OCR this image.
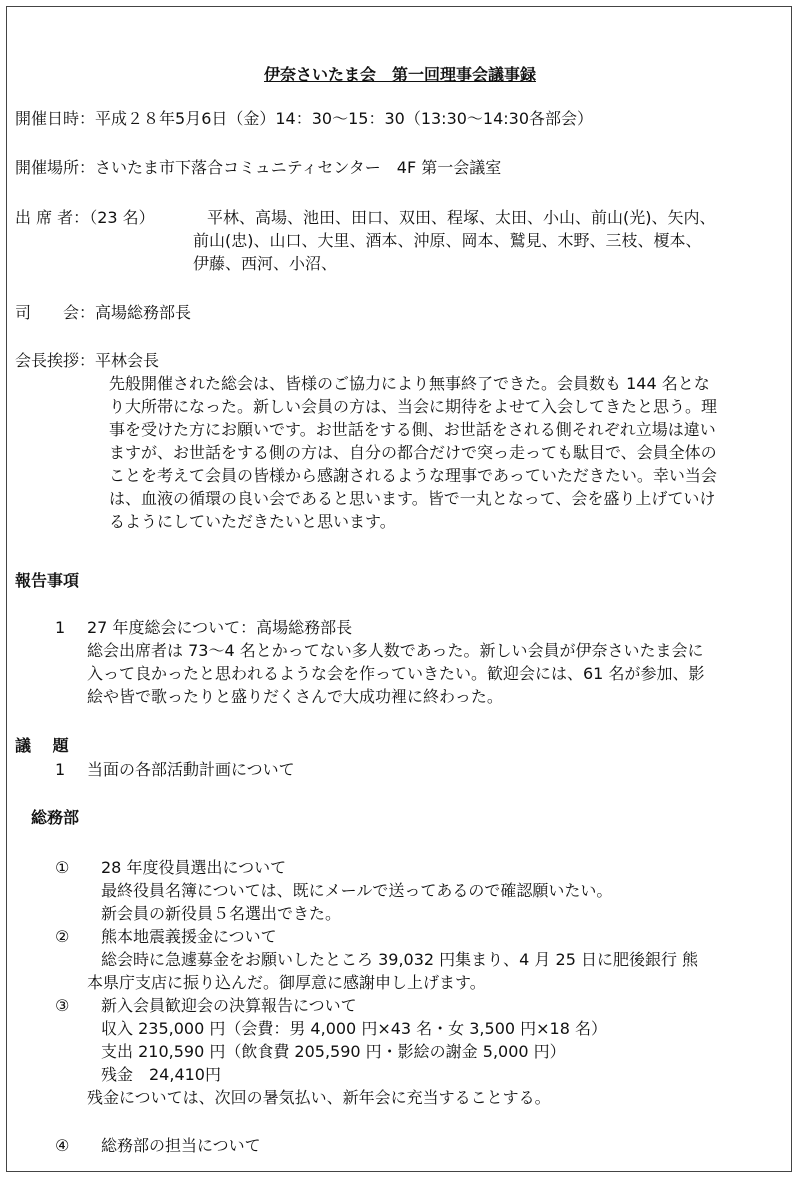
伊奈さいたま会　第一回理事会議事録
開催日時：平成２８年5月6日（金）14：30～15：30（13:30～14:30各部会）
開催場所：さいたま市下落合コミュニティセンター　4F 第一会議室
出 席 者：（23 名）	平林、高場、池田、田口、双田、程塚、太田、小山、前山(光)、矢内、
前山(忠)、山口、大里、酒本、沖原、岡本、鷲見、木野、三枝、榎本、
伊藤、西河、小沼、
司　　会：高場総務部長
会長挨拶：平林会長
先般開催された総会は、皆様のご協力により無事終了できた。会員数も 144 名とな
り大所帯になった。新しい会員の方は、当会に期待をよせて入会してきたと思う。理
事を受けた方にお願いです。お世話をする側、お世話をされる側それぞれ立場は違い
ますが、お世話をする側の方は、自分の都合だけで突っ走っても駄目で、会員全体の
ことを考えて会員の皆様から感謝されるような理事であっていただきたい。幸い当会
は、血液の循環の良い会であると思います。皆で一丸となって、会を盛り上げていけ
るようにしていただきたいと思います。
報告事項
1 27 年度総会について：高場総務部長
総会出席者は 73～4 名とかってない多人数であった。新しい会員が伊奈さいたま会に
入って良かったと思われるような会を作っていきたい。歓迎会には、61 名が参加、影
絵や皆で歌ったりと盛りだくさんで大成功裡に終わった。
議　 題
1 当面の各部活動計画について
総務部
① 28 年度役員選出について
最終役員名簿については、既にメールで送ってあるので確認願いたい。
新会員の新役員５名選出できた。
② 熊本地震義援金について
総会時に急遽募金をお願いしたところ 39,032 円集まり、4 月 25 日に肥後銀行 熊
本県庁支店に振り込んだ。御厚意に感謝申し上げます。
③ 新入会員歓迎会の決算報告について
収入 235,000 円（会費：男 4,000 円×43 名・女 3,500 円×18 名）
支出 210,590 円（飲食費 205,590 円・影絵の謝金 5,000 円）
残金　24,410円
残金については、次回の暑気払い、新年会に充当することする。
④ 総務部の担当について
